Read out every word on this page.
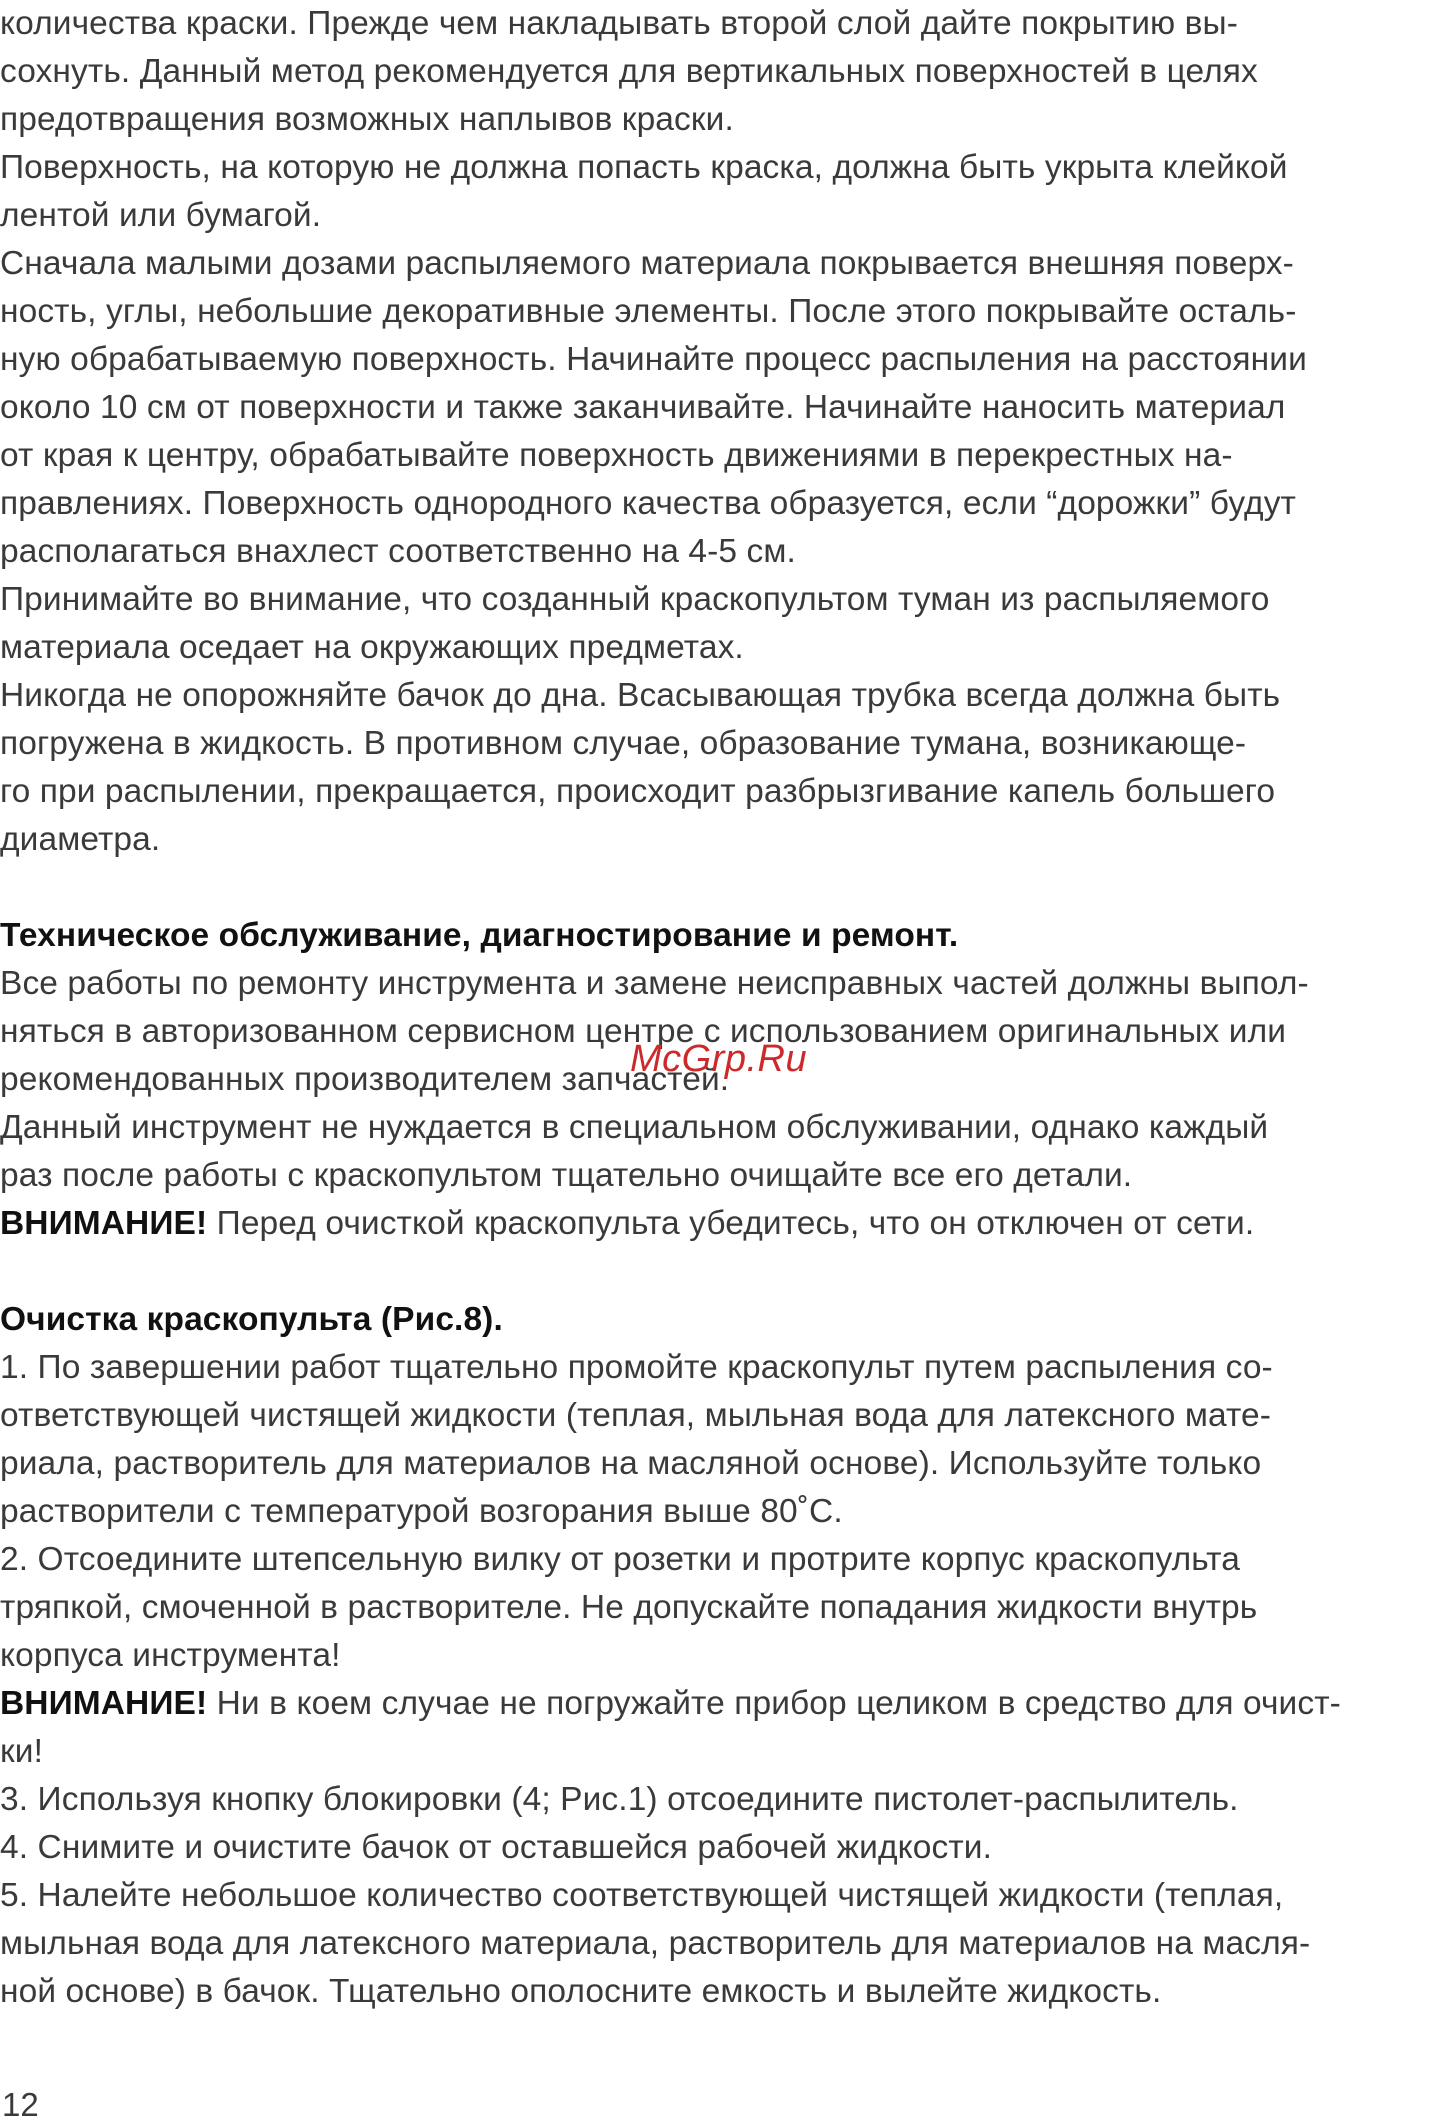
количества краски. Прежде чем накладывать второй слой дайте покрытию вы-
сохнуть. Данный метод рекомендуется для вертикальных поверхностей в целях
предотвращения возможных наплывов краски.
Поверхность, на которую не должна попасть краска, должна быть укрыта клейкой
лентой или бумагой.
Сначала малыми дозами распыляемого материала покрывается внешняя поверх-
ность, углы, небольшие декоративные элементы. После этого покрывайте осталь-
ную обрабатываемую поверхность. Начинайте процесс распыления на расстоянии
около 10 см от поверхности и также заканчивайте. Начинайте наносить материал
от края к центру, обрабатывайте поверхность движениями в перекрестных на-
правлениях. Поверхность однородного качества образуется, если “дорожки” будут
располагаться внахлест соответственно на 4-5 см.
Принимайте во внимание, что созданный краскопультом туман из распыляемого
материала оседает на окружающих предметах.
Никогда не опорожняйте бачок до дна. Всасывающая трубка всегда должна быть
погружена в жидкость. В противном случае, образование тумана, возникающе-
го при распылении, прекращается, происходит разбрызгивание капель большего
диаметра.
Техническое обслуживание, диагностирование и ремонт.
Все работы по ремонту инструмента и замене неисправных частей должны выпол-
няться в авторизованном сервисном центре с использованием оригинальных или
рекомендованных производителем запчастей.
Данный инструмент не нуждается в специальном обслуживании, однако каждый
раз после работы с краскопультом тщательно очищайте все его детали.
ВНИМАНИЕ! Перед очисткой краскопульта убедитесь, что он отключен от сети.
Очистка краскопульта (Рис.8).
1. По завершении работ тщательно промойте краскопульт путем распыления со-
ответствующей чистящей жидкости (теплая, мыльная вода для латексного мате-
риала, растворитель для материалов на масляной основе). Используйте только
растворители с температурой возгорания выше 80˚С.
2. Отсоедините штепсельную вилку от розетки и протрите корпус краскопульта
тряпкой, смоченной в растворителе. Не допускайте попадания жидкости внутрь
корпуса инструмента!
ВНИМАНИЕ! Ни в коем случае не погружайте прибор целиком в средство для очист-
ки!
3. Используя кнопку блокировки (4; Рис.1) отсоедините пистолет-распылитель.
4. Снимите и очистите бачок от оставшейся рабочей жидкости.
5. Налейте небольшое количество соответствующей чистящей жидкости (теплая,
мыльная вода для латексного материала, растворитель для материалов на масля-
ной основе) в бачок. Тщательно ополосните емкость и вылейте жидкость.
McGrp.Ru
12
